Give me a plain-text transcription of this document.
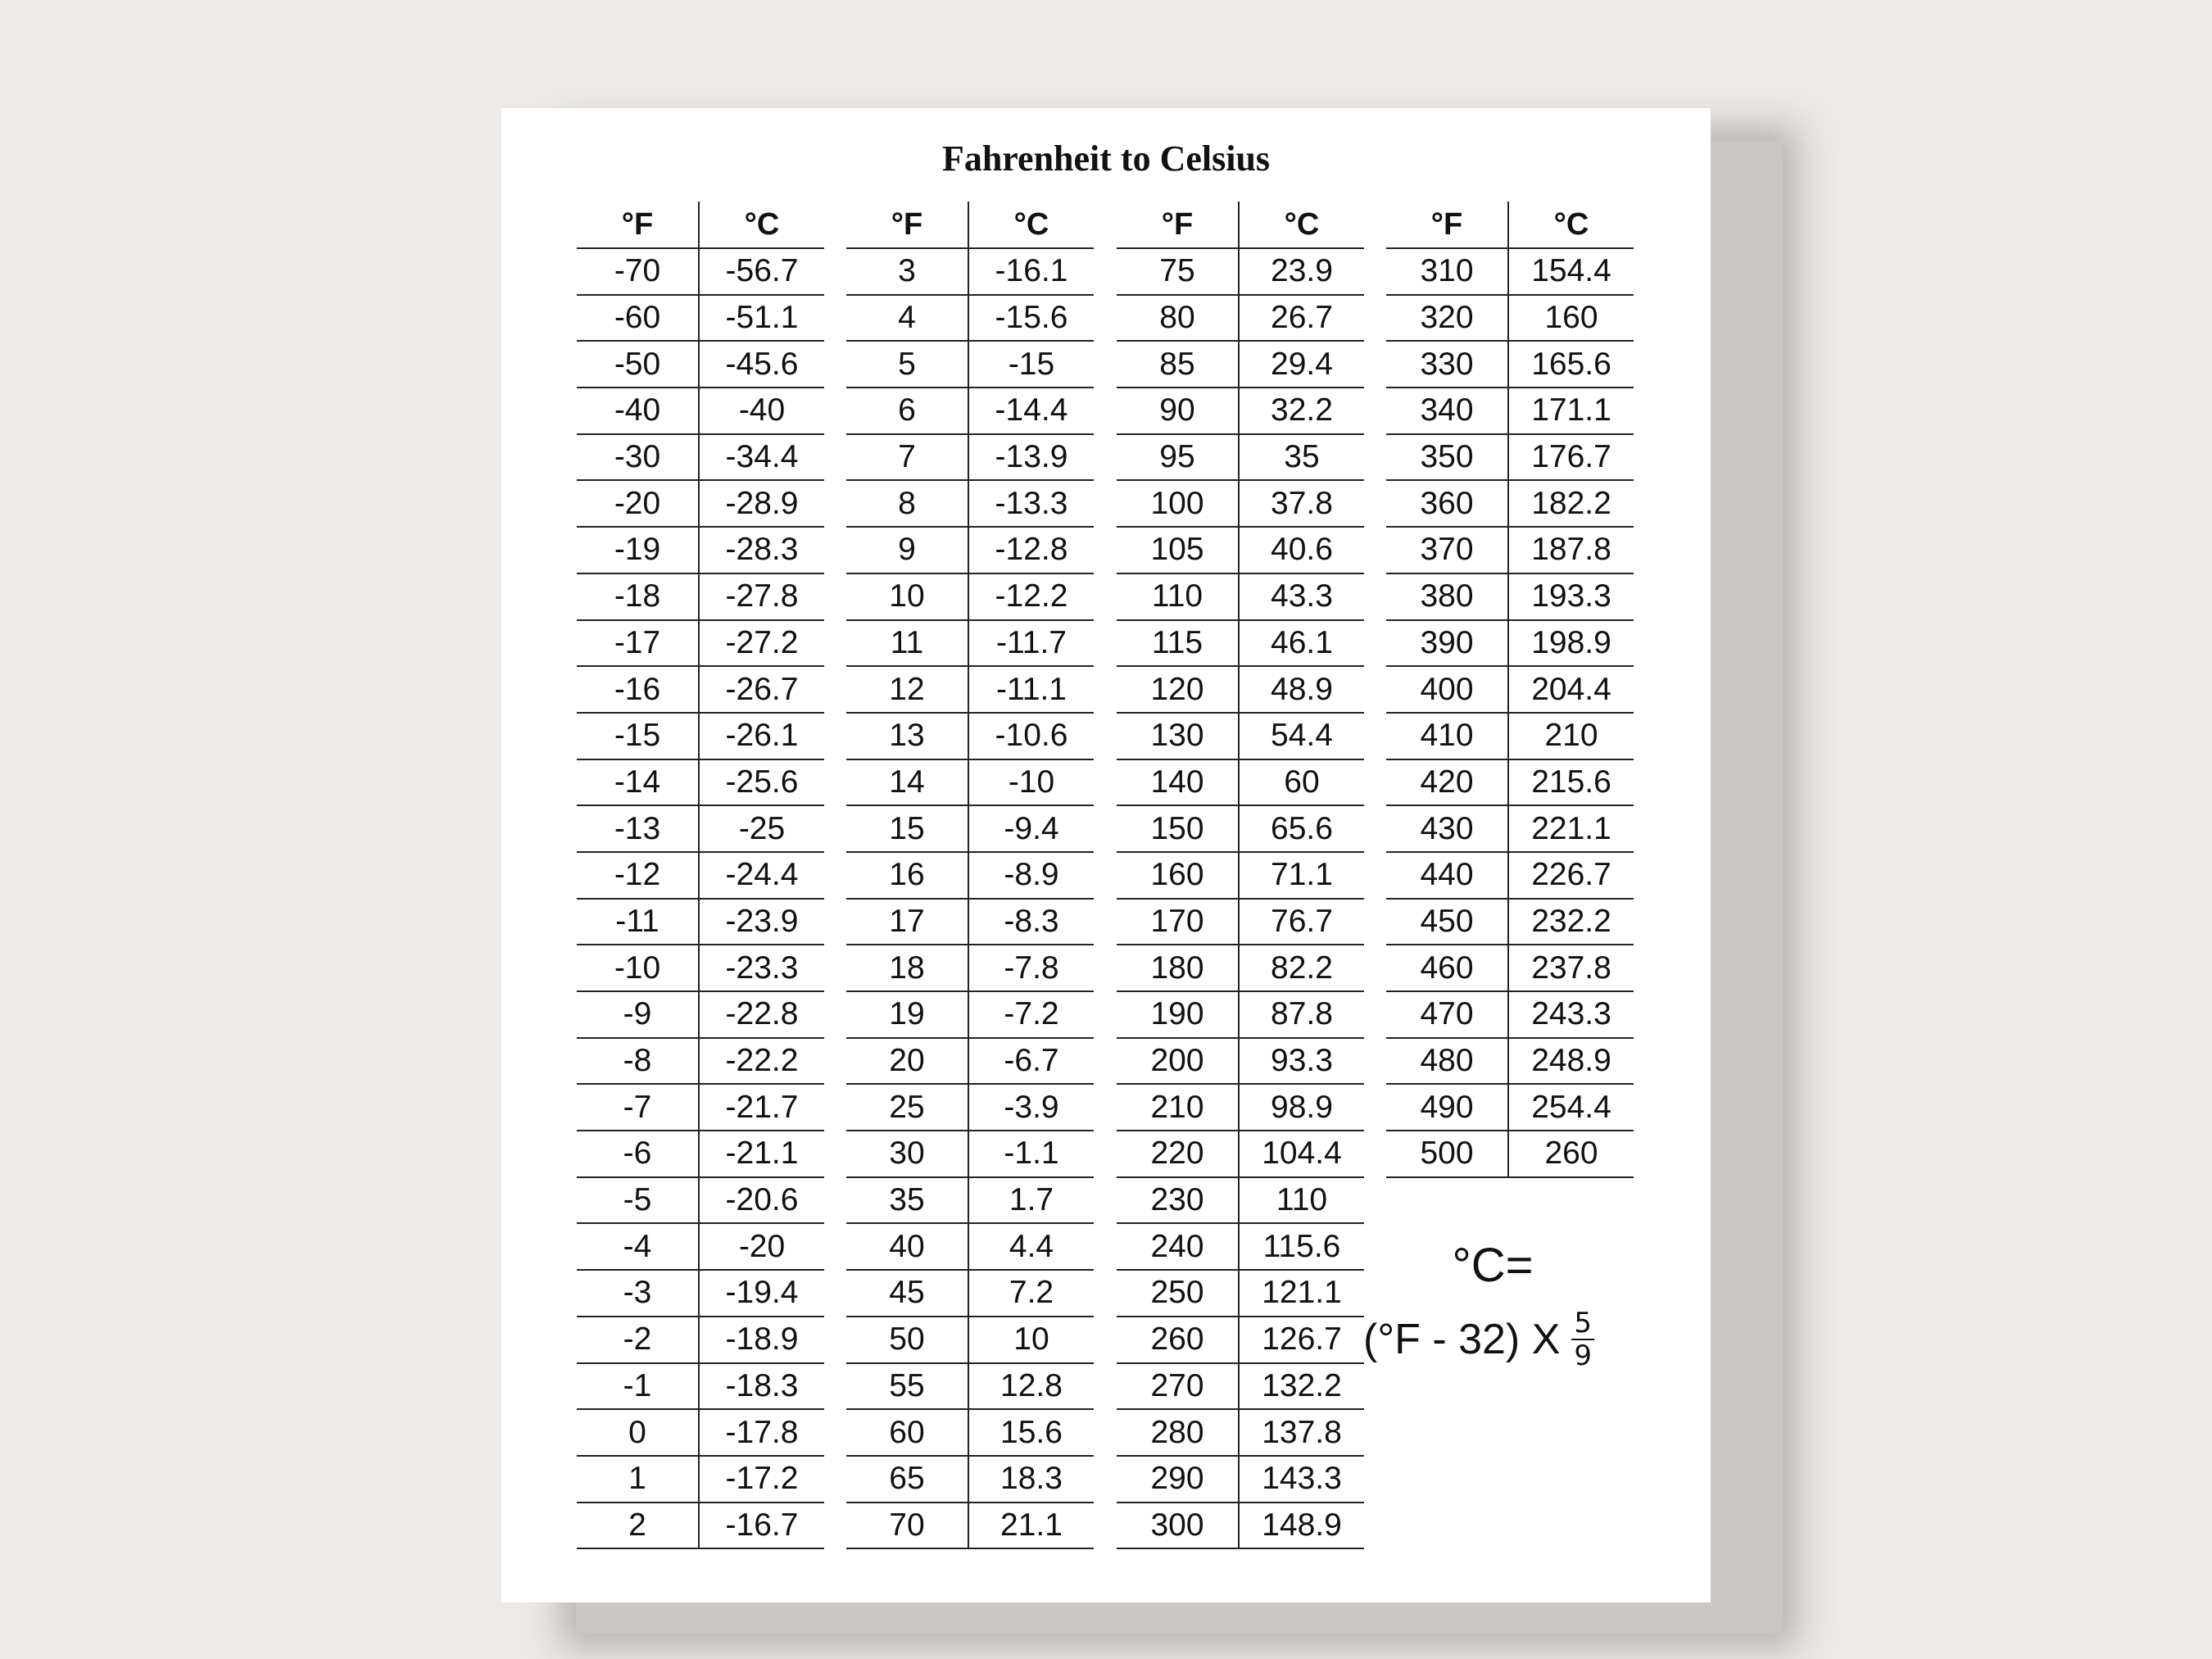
Fahrenheit to Celsius
°F	°C
-70	-56.7
-60	-51.1
-50	-45.6
-40	-40
-30	-34.4
-20	-28.9
-19	-28.3
-18	-27.8
-17	-27.2
-16	-26.7
-15	-26.1
-14	-25.6
-13	-25
-12	-24.4
-11	-23.9
-10	-23.3
-9	-22.8
-8	-22.2
-7	-21.7
-6	-21.1
-5	-20.6
-4	-20
-3	-19.4
-2	-18.9
-1	-18.3
0	-17.8
1	-17.2
2	-16.7
°F	°C
3	-16.1
4	-15.6
5	-15
6	-14.4
7	-13.9
8	-13.3
9	-12.8
10	-12.2
11	-11.7
12	-11.1
13	-10.6
14	-10
15	-9.4
16	-8.9
17	-8.3
18	-7.8
19	-7.2
20	-6.7
25	-3.9
30	-1.1
35	1.7
40	4.4
45	7.2
50	10
55	12.8
60	15.6
65	18.3
70	21.1
°F	°C
75	23.9
80	26.7
85	29.4
90	32.2
95	35
100	37.8
105	40.6
110	43.3
115	46.1
120	48.9
130	54.4
140	60
150	65.6
160	71.1
170	76.7
180	82.2
190	87.8
200	93.3
210	98.9
220	104.4
230	110
240	115.6
250	121.1
260	126.7
270	132.2
280	137.8
290	143.3
300	148.9
°F	°C
310	154.4
320	160
330	165.6
340	171.1
350	176.7
360	182.2
370	187.8
380	193.3
390	198.9
400	204.4
410	210
420	215.6
430	221.1
440	226.7
450	232.2
460	237.8
470	243.3
480	248.9
490	254.4
500	260
°C=
(°F - 32) X $\frac{5}{9}$
